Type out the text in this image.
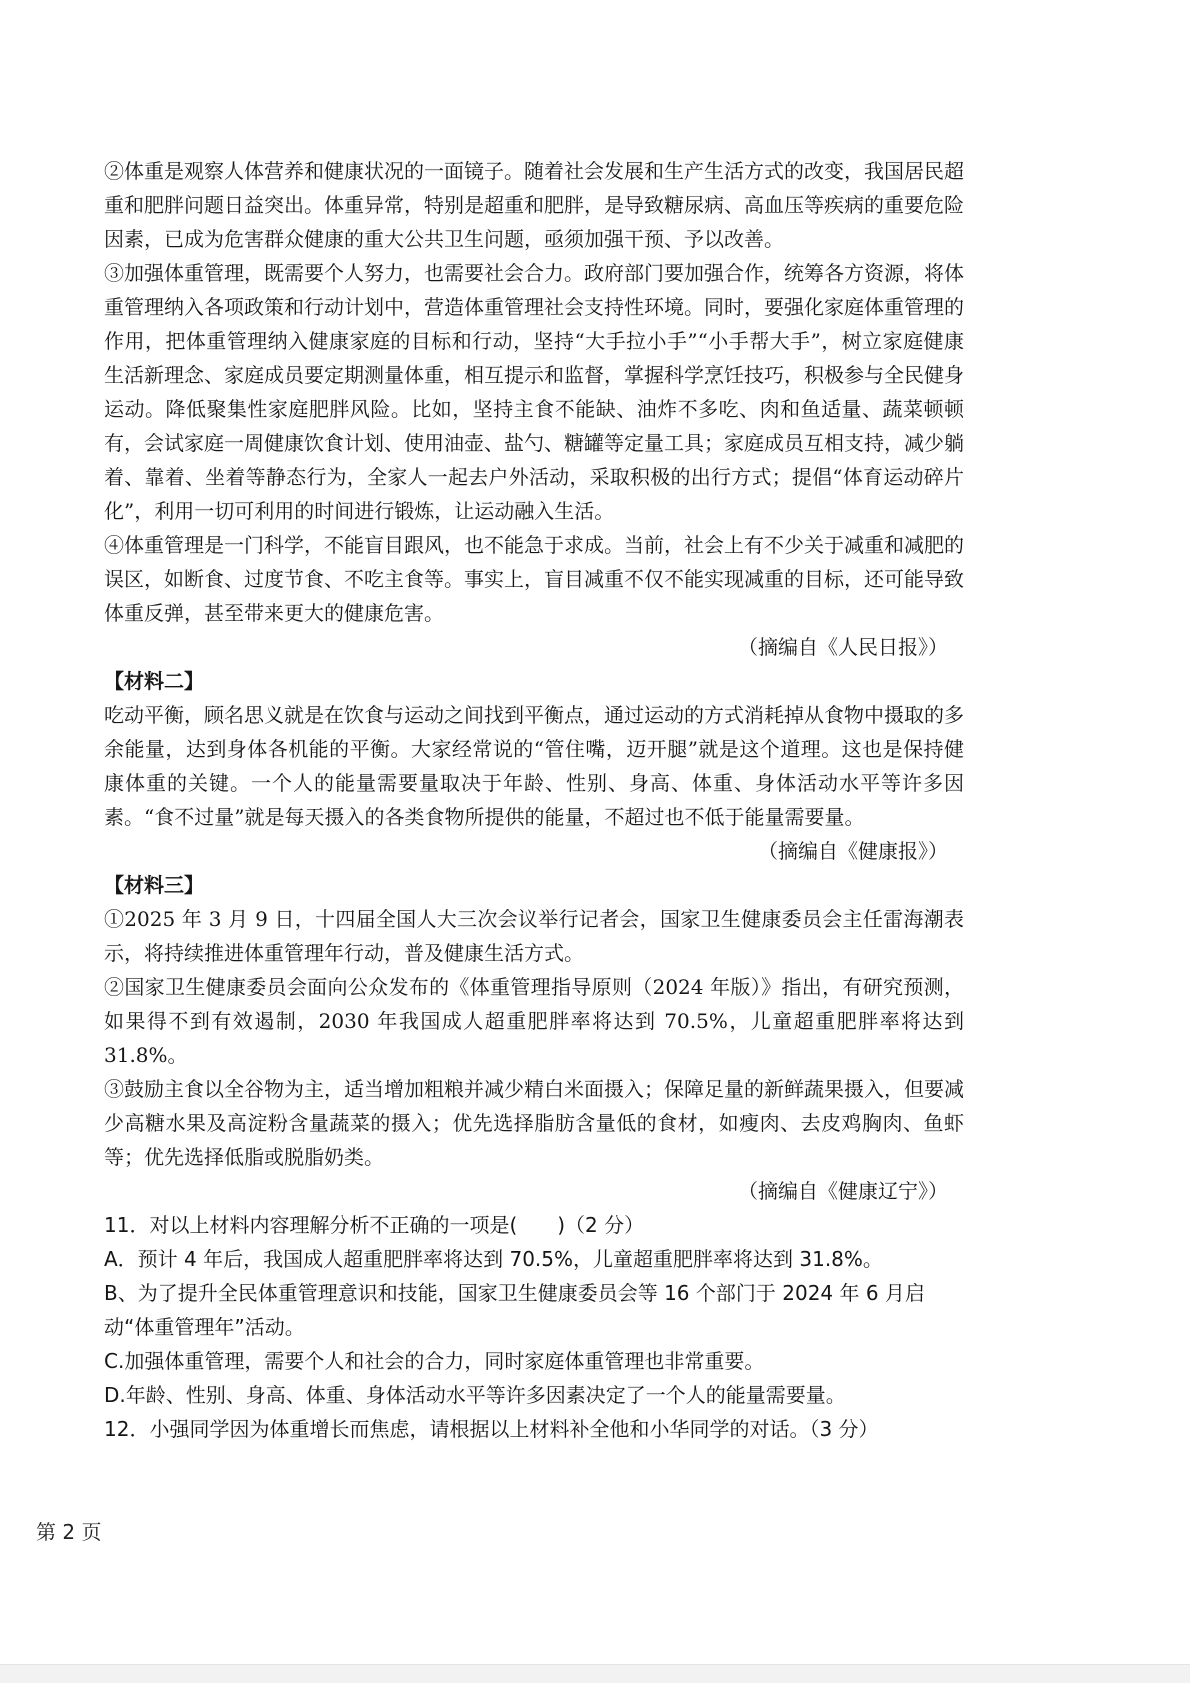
②体重是观察人体营养和健康状况的一面镜子。随着社会发展和生产生活方式的改变，我国居民超重和肥胖问题日益突出。体重异常，特别是超重和肥胖，是导致糖尿病、高血压等疾病的重要危险因素，已成为危害群众健康的重大公共卫生问题，亟须加强干预、予以改善。

③加强体重管理，既需要个人努力，也需要社会合力。政府部门要加强合作，统筹各方资源，将体重管理纳入各项政策和行动计划中，营造体重管理社会支持性环境。同时，要强化家庭体重管理的作用，把体重管理纳入健康家庭的目标和行动，坚持“大手拉小手”“小手帮大手”，树立家庭健康生活新理念、家庭成员要定期测量体重，相互提示和监督，掌握科学烹饪技巧，积极参与全民健身运动。降低聚集性家庭肥胖风险。比如，坚持主食不能缺、油炸不多吃、肉和鱼适量、蔬菜顿顿有，会试家庭一周健康饮食计划、使用油壶、盐勺、糖罐等定量工具；家庭成员互相支持，减少躺着、靠着、坐着等静态行为，全家人一起去户外活动，采取积极的出行方式；提倡“体育运动碎片化”，利用一切可利用的时间进行锻炼，让运动融入生活。

④体重管理是一门科学，不能盲目跟风，也不能急于求成。当前，社会上有不少关于减重和减肥的误区，如断食、过度节食、不吃主食等。事实上，盲目减重不仅不能实现减重的目标，还可能导致体重反弹，甚至带来更大的健康危害。

（摘编自《人民日报》）

【材料二】

吃动平衡，顾名思义就是在饮食与运动之间找到平衡点，通过运动的方式消耗掉从食物中摄取的多余能量，达到身体各机能的平衡。大家经常说的“管住嘴，迈开腿”就是这个道理。这也是保持健康体重的关键。一个人的能量需要量取决于年龄、性别、身高、体重、身体活动水平等许多因素。“食不过量”就是每天摄入的各类食物所提供的能量，不超过也不低于能量需要量。

（摘编自《健康报》）

【材料三】

①2025 年 3 月 9 日，十四届全国人大三次会议举行记者会，国家卫生健康委员会主任雷海潮表示，将持续推进体重管理年行动，普及健康生活方式。

②国家卫生健康委员会面向公众发布的《体重管理指导原则（2024 年版）》指出，有研究预测，如果得不到有效遏制，2030 年我国成人超重肥胖率将达到 70.5%，儿童超重肥胖率将达到 31.8%。

③鼓励主食以全谷物为主，适当增加粗粮并减少精白米面摄入；保障足量的新鲜蔬果摄入，但要减少高糖水果及高淀粉含量蔬菜的摄入；优先选择脂肪含量低的食材，如瘦肉、去皮鸡胸肉、鱼虾等；优先选择低脂或脱脂奶类。

（摘编自《健康辽宁》）

11．对以上材料内容理解分析不正确的一项是(　　)（2 分）

A．预计 4 年后，我国成人超重肥胖率将达到 70.5%，儿童超重肥胖率将达到 31.8%。

B、为了提升全民体重管理意识和技能，国家卫生健康委员会等 16 个部门于 2024 年 6 月启动“体重管理年”活动。

C.加强体重管理，需要个人和社会的合力，同时家庭体重管理也非常重要。

D.年龄、性别、身高、体重、身体活动水平等许多因素决定了一个人的能量需要量。

12．小强同学因为体重增长而焦虑，请根据以上材料补全他和小华同学的对话。（3 分）

第 2 页
